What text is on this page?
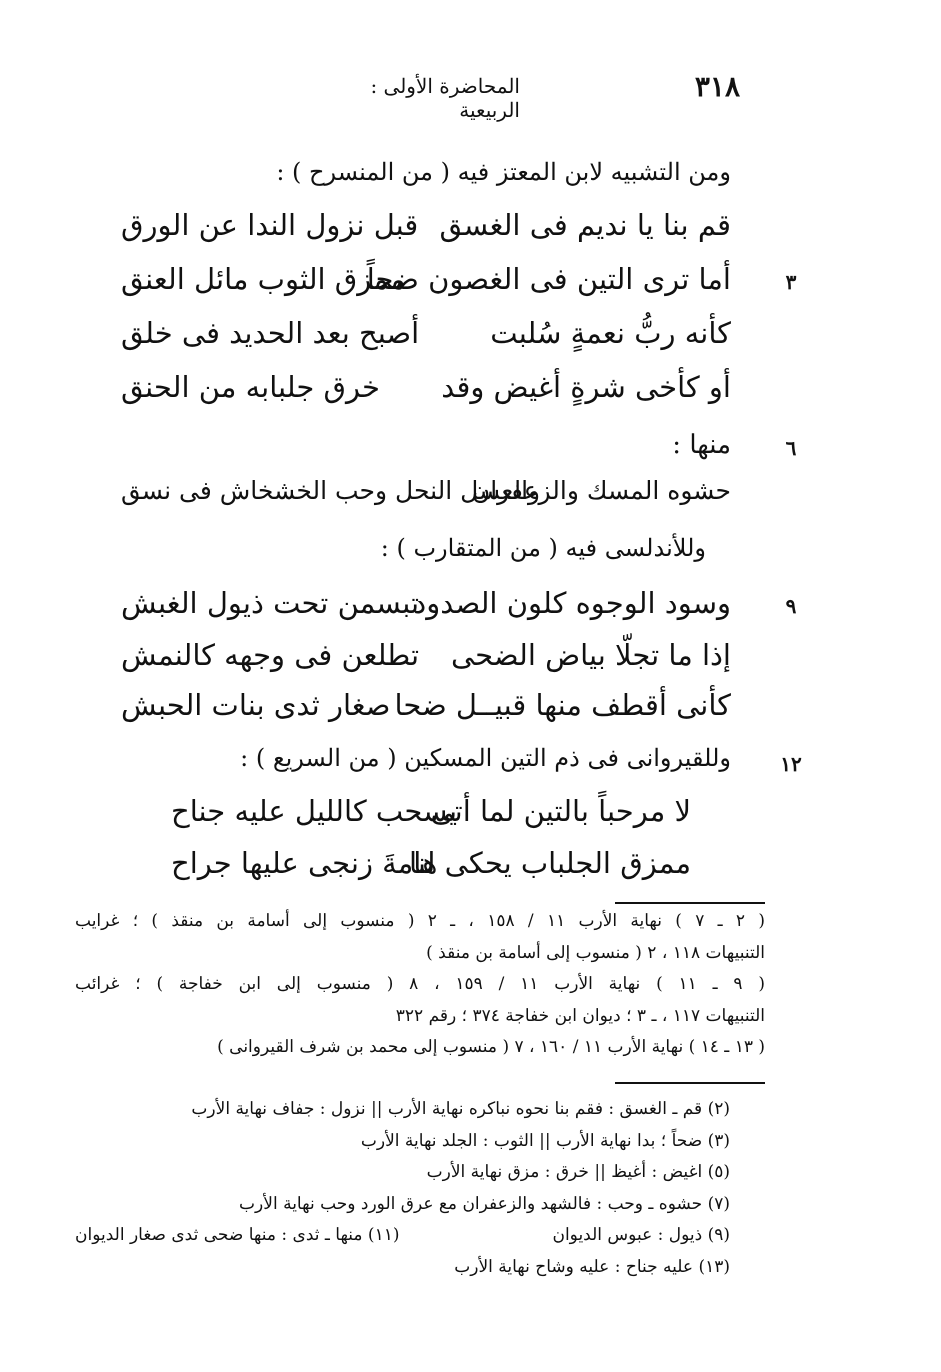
٣١٨
المحاضرة الأولى : الربيعية
ومن التشبيه لابن المعتز فيه ( من المنسرح ) :
قم بنا يا نديم فى الغسق
قبل نزول الندا عن الورق
أما ترى التين فى الغصون ضحاً
ممزق الثوب مائل العنق	٣
كأنه ربُّ نعمةٍ سُلبت
أصبح بعد الحديد فى خلق
أو كأخى شرةٍ أغيض وقد
خرق جلبابه من الحنق
منها :	٦
حشوه المسك والزعفران
والعسل النحل وحب الخشخاش فى نسق
وللأندلسى فيه ( من المتقارب ) :
وسود الوجوه كلون الصدود
تبسمن تحت ذيول الغبش	٩
إذا ما تجلّا بياض الضحى
تطلعن فى وجهه كالنمش
كأنى أقطف منها قبيــل ضحا
صغار ثدى بنات الحبش
وللقيروانى فى ذم التين المسكين ( من السريع ) : ١٢
لا مرحباً بالتين لما أتى
يسحب كالليل عليه جناح
ممزق الجلباب يحكى لنا
هامةَ زنجى عليها جراح
( ٢ ـ ٧ ) نهاية الأرب ١١ / ١٥٨ ، ـ ٢ ( منسوب إلى أسامة بن منقذ ) ؛ غرايب
التنبيهات ١١٨ ، ٢ ( منسوب إلى أسامة بن منقذ )
( ٩ ـ ١١ ) نهاية الأرب ١١ / ١٥٩ ، ٨ ( منسوب إلى ابن خفاجة ) ؛ غرائب
التنبيهات ١١٧ ، ـ ٣ ؛ ديوان ابن خفاجة ٣٧٤ ؛ رقم ٣٢٢
( ١٣ ـ ١٤ ) نهاية الأرب ١١ / ١٦٠ ، ٧ ( منسوب إلى محمد بن شرف القيروانى )
(٢) قم ـ الغسق : فقم بنا نحوه نباكره نهاية الأرب || نزول : جفاف نهاية الأرب
(٣) ضحاً ؛ بدا نهاية الأرب || الثوب : الجلد نهاية الأرب
(٥) اغيض : أغيظ || خرق : مزق نهاية الأرب
(٧) حشوه ـ وحب : فالشهد والزعفران مع عرق الورد وحب نهاية الأرب
(٩) ذيول : عبوس الديوان
(١١) منها ـ ثدى : منها ضحى ثدى صغار الديوان
(١٣) عليه جناح : عليه وشاح نهاية الأرب
